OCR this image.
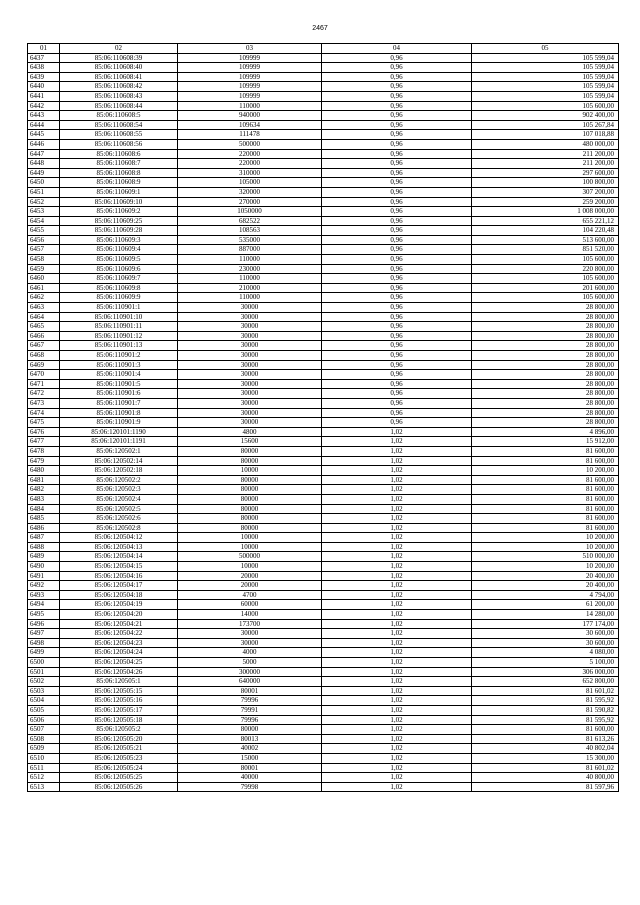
2467
01	02	03	04	05
6437	85:06:110608:39	109999	0,96	105 599,04
6438	85:06:110608:40	109999	0,96	105 599,04
6439	85:06:110608:41	109999	0,96	105 599,04
6440	85:06:110608:42	109999	0,96	105 599,04
6441	85:06:110608:43	109999	0,96	105 599,04
6442	85:06:110608:44	110000	0,96	105 600,00
6443	85:06:110608:5	940000	0,96	902 400,00
6444	85:06:110608:54	109634	0,96	105 267,84
6445	85:06:110608:55	111478	0,96	107 018,88
6446	85:06:110608:56	500000	0,96	480 000,00
6447	85:06:110608:6	220000	0,96	211 200,00
6448	85:06:110608:7	220000	0,96	211 200,00
6449	85:06:110608:8	310000	0,96	297 600,00
6450	85:06:110608:9	105000	0,96	100 800,00
6451	85:06:110609:1	320000	0,96	307 200,00
6452	85:06:110609:10	270000	0,96	259 200,00
6453	85:06:110609:2	1050000	0,96	1 008 000,00
6454	85:06:110609:25	682522	0,96	655 221,12
6455	85:06:110609:28	108563	0,96	104 220,48
6456	85:06:110609:3	535000	0,96	513 600,00
6457	85:06:110609:4	887000	0,96	851 520,00
6458	85:06:110609:5	110000	0,96	105 600,00
6459	85:06:110609:6	230000	0,96	220 800,00
6460	85:06:110609:7	110000	0,96	105 600,00
6461	85:06:110609:8	210000	0,96	201 600,00
6462	85:06:110609:9	110000	0,96	105 600,00
6463	85:06:110901:1	30000	0,96	28 800,00
6464	85:06:110901:10	30000	0,96	28 800,00
6465	85:06:110901:11	30000	0,96	28 800,00
6466	85:06:110901:12	30000	0,96	28 800,00
6467	85:06:110901:13	30000	0,96	28 800,00
6468	85:06:110901:2	30000	0,96	28 800,00
6469	85:06:110901:3	30000	0,96	28 800,00
6470	85:06:110901:4	30000	0,96	28 800,00
6471	85:06:110901:5	30000	0,96	28 800,00
6472	85:06:110901:6	30000	0,96	28 800,00
6473	85:06:110901:7	30000	0,96	28 800,00
6474	85:06:110901:8	30000	0,96	28 800,00
6475	85:06:110901:9	30000	0,96	28 800,00
6476	85:06:120101:1190	4800	1,02	4 896,00
6477	85:06:120101:1191	15600	1,02	15 912,00
6478	85:06:120502:1	80000	1,02	81 600,00
6479	85:06:120502:14	80000	1,02	81 600,00
6480	85:06:120502:18	10000	1,02	10 200,00
6481	85:06:120502:2	80000	1,02	81 600,00
6482	85:06:120502:3	80000	1,02	81 600,00
6483	85:06:120502:4	80000	1,02	81 600,00
6484	85:06:120502:5	80000	1,02	81 600,00
6485	85:06:120502:6	80000	1,02	81 600,00
6486	85:06:120502:8	80000	1,02	81 600,00
6487	85:06:120504:12	10000	1,02	10 200,00
6488	85:06:120504:13	10000	1,02	10 200,00
6489	85:06:120504:14	500000	1,02	510 000,00
6490	85:06:120504:15	10000	1,02	10 200,00
6491	85:06:120504:16	20000	1,02	20 400,00
6492	85:06:120504:17	20000	1,02	20 400,00
6493	85:06:120504:18	4700	1,02	4 794,00
6494	85:06:120504:19	60000	1,02	61 200,00
6495	85:06:120504:20	14000	1,02	14 280,00
6496	85:06:120504:21	173700	1,02	177 174,00
6497	85:06:120504:22	30000	1,02	30 600,00
6498	85:06:120504:23	30000	1,02	30 600,00
6499	85:06:120504:24	4000	1,02	4 080,00
6500	85:06:120504:25	5000	1,02	5 100,00
6501	85:06:120504:26	300000	1,02	306 000,00
6502	85:06:120505:1	640000	1,02	652 800,00
6503	85:06:120505:15	80001	1,02	81 601,02
6504	85:06:120505:16	79996	1,02	81 595,92
6505	85:06:120505:17	79991	1,02	81 590,82
6506	85:06:120505:18	79996	1,02	81 595,92
6507	85:06:120505:2	80000	1,02	81 600,00
6508	85:06:120505:20	80013	1,02	81 613,26
6509	85:06:120505:21	40002	1,02	40 802,04
6510	85:06:120505:23	15000	1,02	15 300,00
6511	85:06:120505:24	80001	1,02	81 601,02
6512	85:06:120505:25	40000	1,02	40 800,00
6513	85:06:120505:26	79998	1,02	81 597,96
